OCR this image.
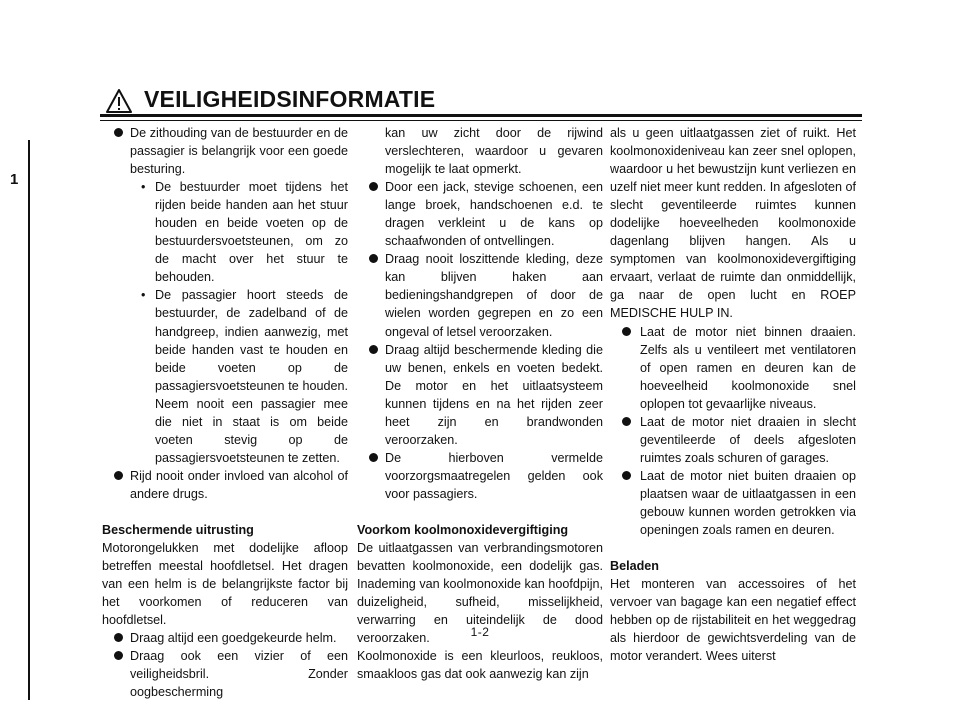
VEILIGHEIDSINFORMATIE
1

De zithouding van de bestuurder en de passagier is belangrijk voor een goede besturing.

• De bestuurder moet tijdens het rijden beide handen aan het stuur houden en beide voeten op de bestuurdersvoetsteunen, om zo de macht over het stuur te behouden.

• De passagier hoort steeds de bestuurder, de zadelband of de handgreep, indien aanwezig, met beide handen vast te houden en beide voeten op de passagiersvoetsteunen te houden. Neem nooit een passagier mee die niet in staat is om beide voeten stevig op de passagiersvoetsteunen te zetten.

Rijd nooit onder invloed van alcohol of andere drugs.

Beschermende uitrusting

Motorongelukken met dodelijke afloop betreffen meestal hoofdletsel. Het dragen van een helm is de belangrijkste factor bij het voorkomen of reduceren van hoofdletsel.

Draag altijd een goedgekeurde helm.

Draag ook een vizier of een veiligheidsbril. Zonder oogbescherming

kan uw zicht door de rijwind verslechteren, waardoor u gevaren mogelijk te laat opmerkt.

Door een jack, stevige schoenen, een lange broek, handschoenen e.d. te dragen verkleint u de kans op schaafwonden of ontvellingen.

Draag nooit loszittende kleding, deze kan blijven haken aan bedieningshandgrepen of door de wielen worden gegrepen en zo een ongeval of letsel veroorzaken.

Draag altijd beschermende kleding die uw benen, enkels en voeten bedekt. De motor en het uitlaatsysteem kunnen tijdens en na het rijden zeer heet zijn en brandwonden veroorzaken.

De hierboven vermelde voorzorgsmaatregelen gelden ook voor passagiers.

Voorkom koolmonoxidevergiftiging

De uitlaatgassen van verbrandingsmotoren bevatten koolmonoxide, een dodelijk gas. Inademing van koolmonoxide kan hoofdpijn, duizeligheid, sufheid, misselijkheid, verwarring en uiteindelijk de dood veroorzaken.

Koolmonoxide is een kleurloos, reukloos, smaakloos gas dat ook aanwezig kan zijn

als u geen uitlaatgassen ziet of ruikt. Het koolmonoxideniveau kan zeer snel oplopen, waardoor u het bewustzijn kunt verliezen en uzelf niet meer kunt redden. In afgesloten of slecht geventileerde ruimtes kunnen dodelijke hoeveelheden koolmonoxide dagenlang blijven hangen. Als u symptomen van koolmonoxidevergiftiging ervaart, verlaat de ruimte dan onmiddellijk, ga naar de open lucht en ROEP MEDISCHE HULP IN.

Laat de motor niet binnen draaien. Zelfs als u ventileert met ventilatoren of open ramen en deuren kan de hoeveelheid koolmonoxide snel oplopen tot gevaarlijke niveaus.

Laat de motor niet draaien in slecht geventileerde of deels afgesloten ruimtes zoals schuren of garages.

Laat de motor niet buiten draaien op plaatsen waar de uitlaatgassen in een gebouw kunnen worden getrokken via openingen zoals ramen en deuren.

Beladen

Het monteren van accessoires of het vervoer van bagage kan een negatief effect hebben op de rijstabiliteit en het weggedrag als hierdoor de gewichtsverdeling van de motor verandert. Wees uiterst

1-2
